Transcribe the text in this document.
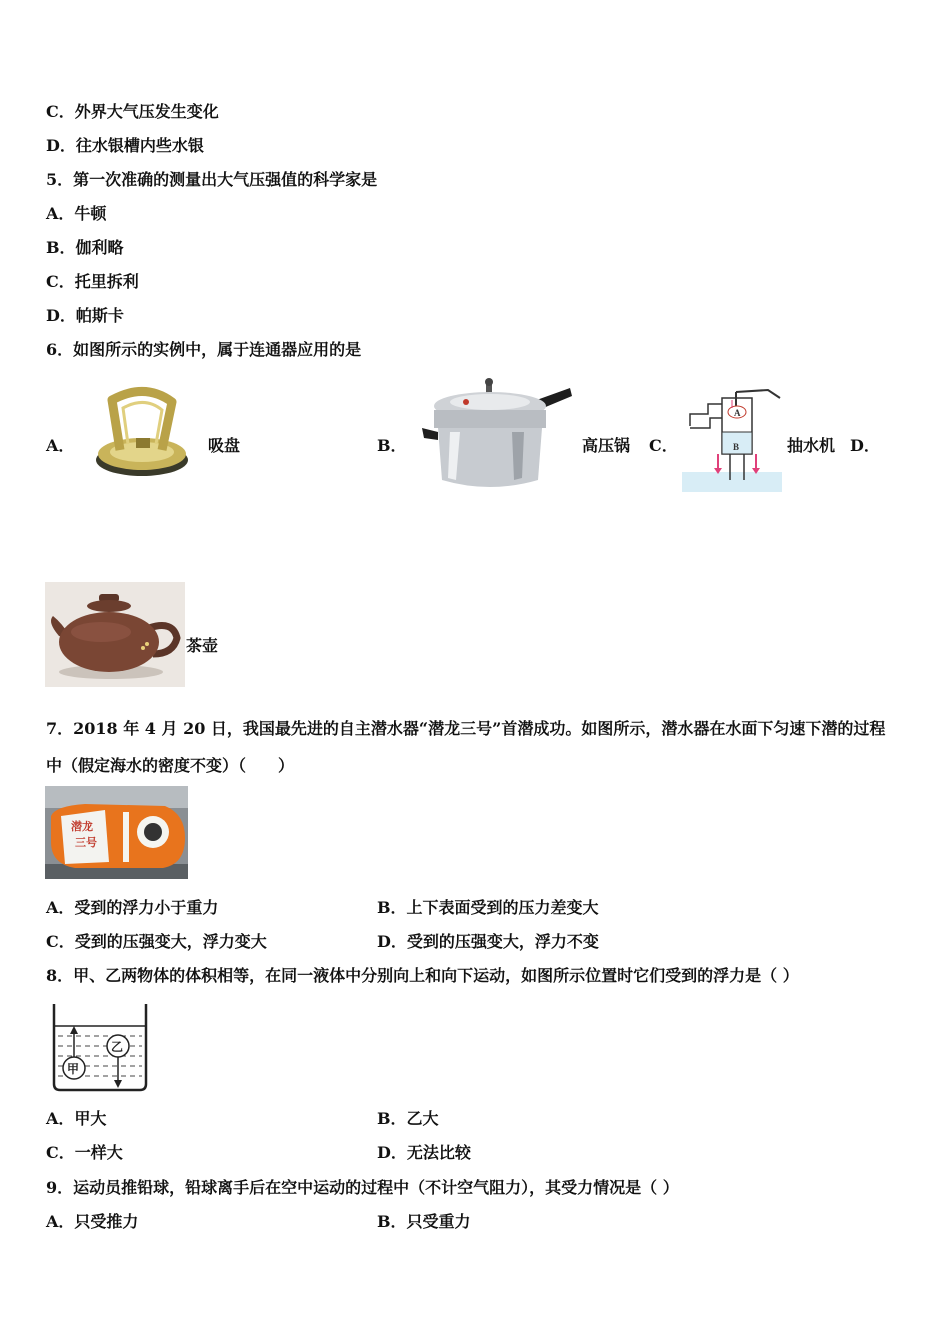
C．外界大气压发生变化
D．往水银槽内些水银
5．第一次准确的测量出大气压强值的科学家是
A．牛顿
B．伽利略
C．托里拆利
D．帕斯卡
6．如图所示的实例中，属于连通器应用的是
A．	吸盘	B．	高压锅 C．
A
B	抽水机 D．
茶壶
7．2018 年 4 月 20 日，我国最先进的自主潜水器“潜龙三号”首潜成功。如图所示，潜水器在水面下匀速下潜的过程
中（假定海水的密度不变）（　　）
潜龙
三号
A．受到的浮力小于重力	B．上下表面受到的压力差变大
C．受到的压强变大，浮力变大	D．受到的压强变大，浮力不变
8．甲、乙两物体的体积相等，在同一液体中分别向上和向下运动，如图所示位置时它们受到的浮力是（ ）
甲
乙
A．甲大	B．乙大
C．一样大	D．无法比较
9．运动员推铅球，铅球离手后在空中运动的过程中（不计空气阻力），其受力情况是（ ）
A．只受推力	B．只受重力
